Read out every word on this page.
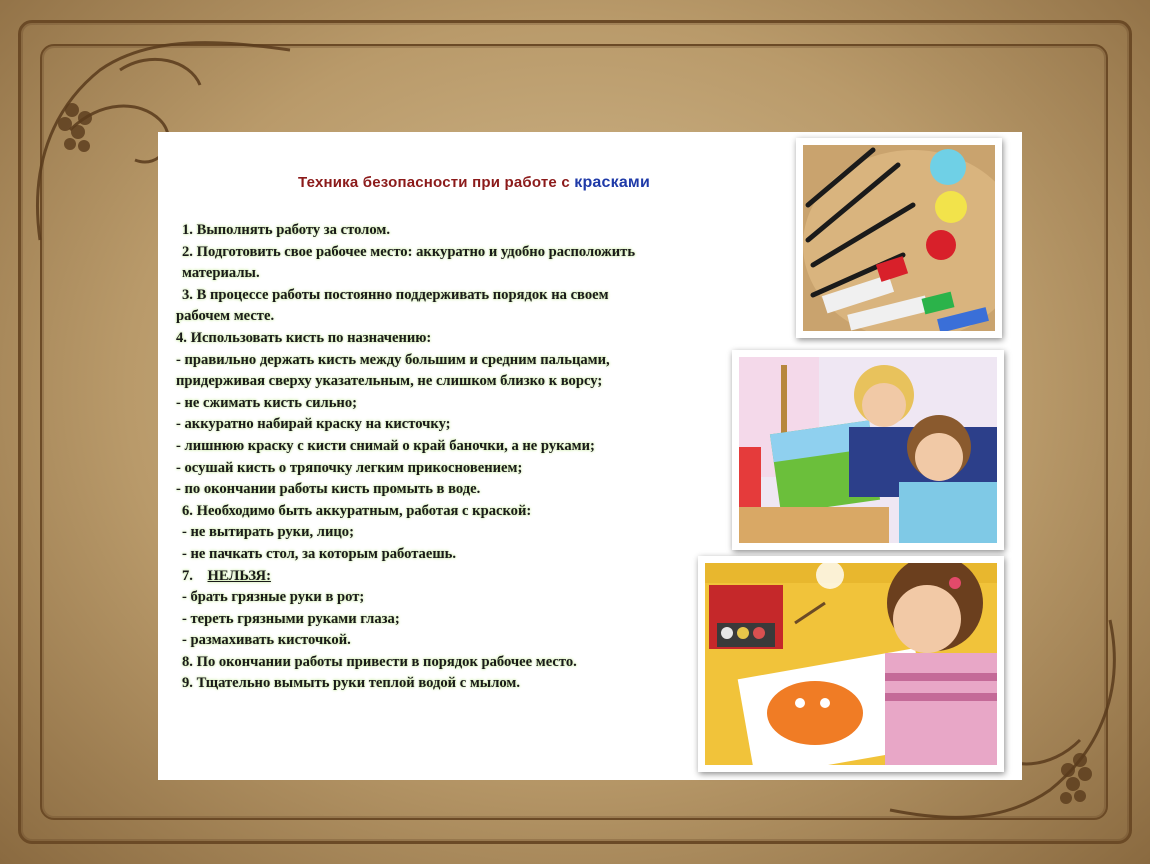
Техника безопасности при работе с красками

1. Выполнять работу за столом.

2. Подготовить свое рабочее место: аккуратно и удобно расположить

материалы.

3. В процессе работы постоянно поддерживать порядок на своем

рабочем месте.

4. Использовать кисть по назначению:

- правильно держать кисть между большим и средним пальцами,

придерживая сверху указательным, не слишком близко к ворсу;

- не сжимать кисть сильно;

- аккуратно набирай краску на кисточку;

- лишнюю краску с кисти снимай о край баночки, а не руками;

- осушай кисть о тряпочку легким прикосновением;

- по окончании работы кисть промыть в воде.

6. Необходимо быть аккуратным, работая с краской:

- не вытирать руки, лицо;

- не пачкать стол, за которым работаешь.

7. НЕЛЬЗЯ:

- брать грязные руки в рот;

- тереть грязными руками глаза;

- размахивать кисточкой.

8. По окончании работы привести в порядок рабочее место.

9. Тщательно вымыть руки теплой водой с мылом.
